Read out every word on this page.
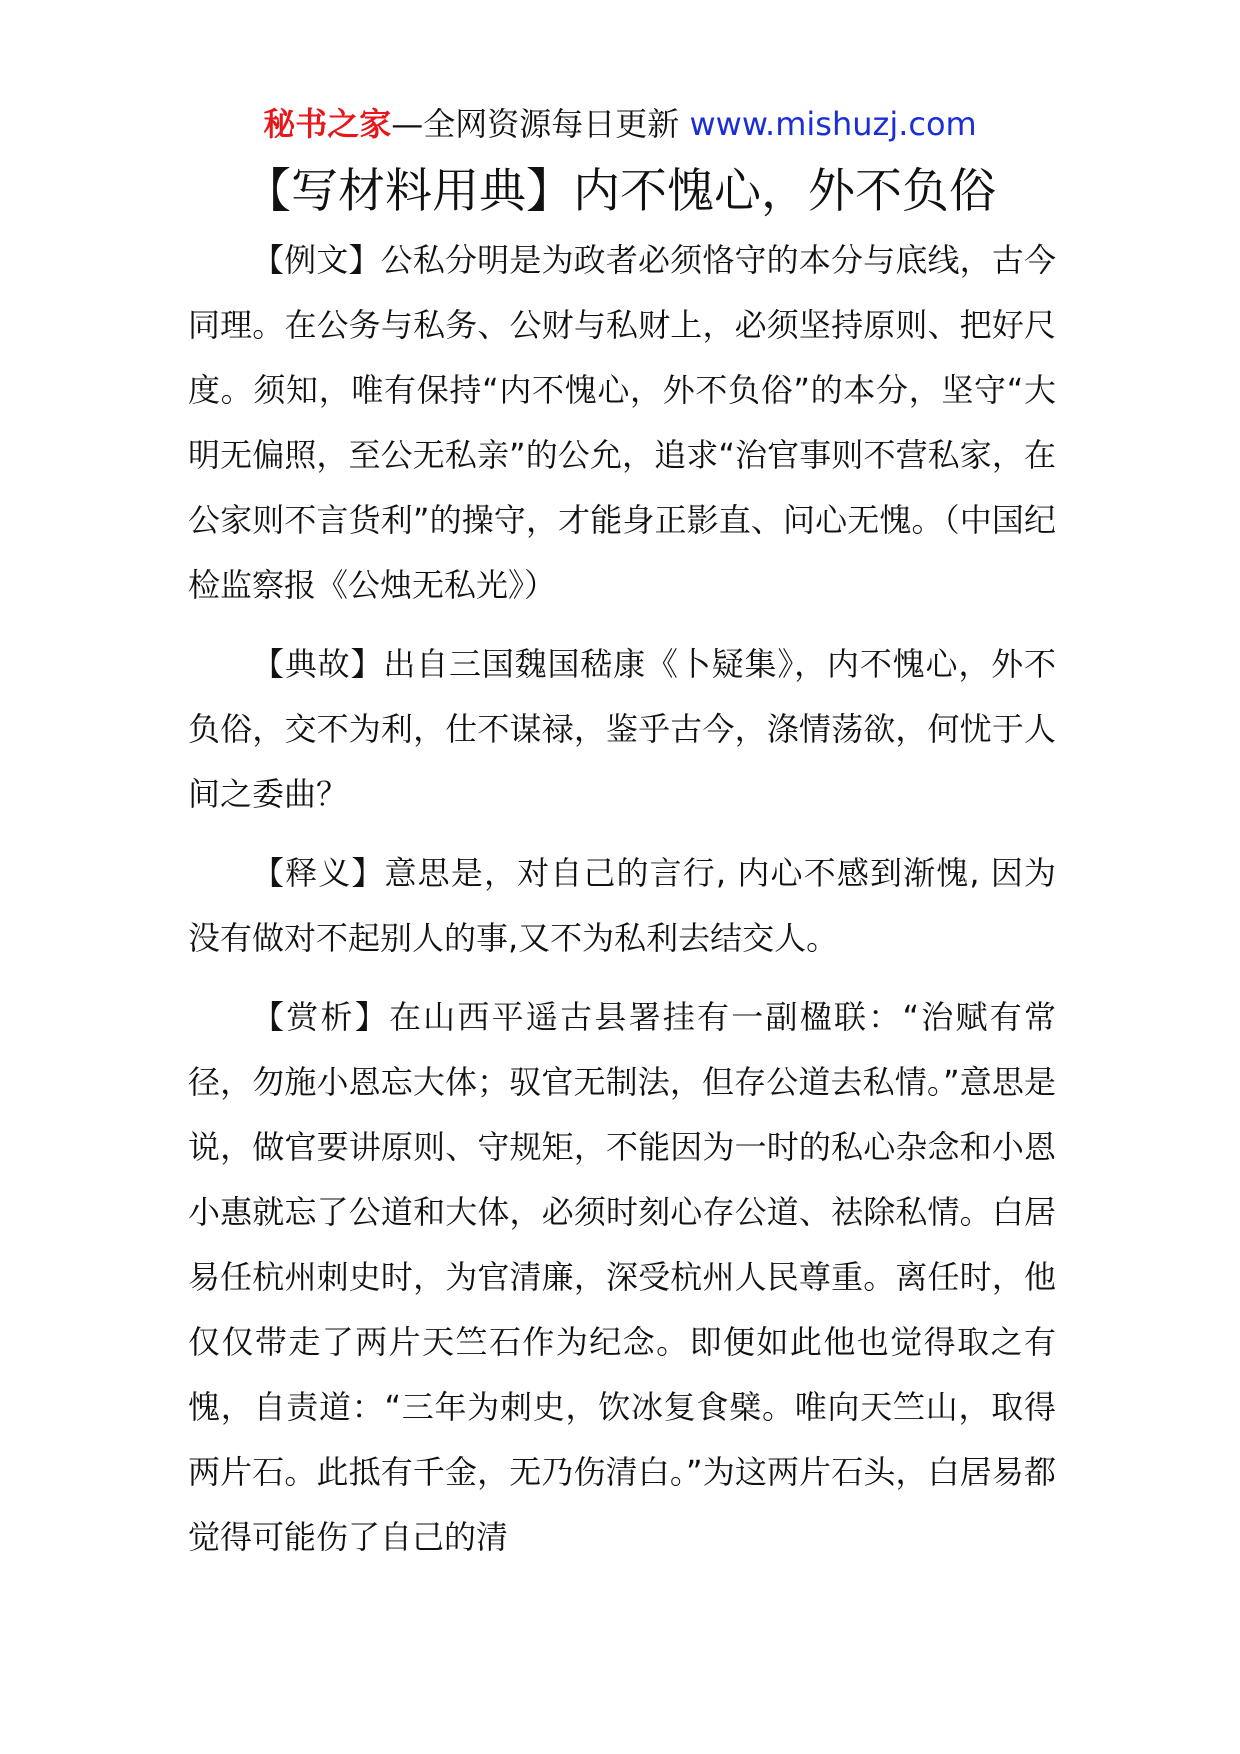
秘书之家—全网资源每日更新 www.mishuzj.com
【写材料用典】内不愧心，外不负俗

【例文】公私分明是为政者必须恪守的本分与底线，古今同理。在公务与私务、公财与私财上，必须坚持原则、把好尺度。须知，唯有保持“内不愧心，外不负俗”的本分，坚守“大明无偏照，至公无私亲”的公允，追求“治官事则不营私家，在公家则不言货利”的操守，才能身正影直、问心无愧。（中国纪检监察报《公烛无私光》）

【典故】出自三国魏国嵇康《卜疑集》，内不愧心，外不负俗，交不为利，仕不谋禄，鉴乎古今，涤情荡欲，何忧于人间之委曲？

【释义】意思是，对自己的言行, 内心不感到渐愧, 因为没有做对不起别人的事,又不为私利去结交人。

【赏析】在山西平遥古县署挂有一副楹联：“治赋有常径，勿施小恩忘大体；驭官无制法，但存公道去私情。”意思是说，做官要讲原则、守规矩，不能因为一时的私心杂念和小恩小惠就忘了公道和大体，必须时刻心存公道、祛除私情。白居易任杭州刺史时，为官清廉，深受杭州人民尊重。离任时，他仅仅带走了两片天竺石作为纪念。即便如此他也觉得取之有愧，自责道：“三年为刺史，饮冰复食檗。唯向天竺山，取得两片石。此抵有千金，无乃伤清白。”为这两片石头，白居易都觉得可能伤了自己的清
